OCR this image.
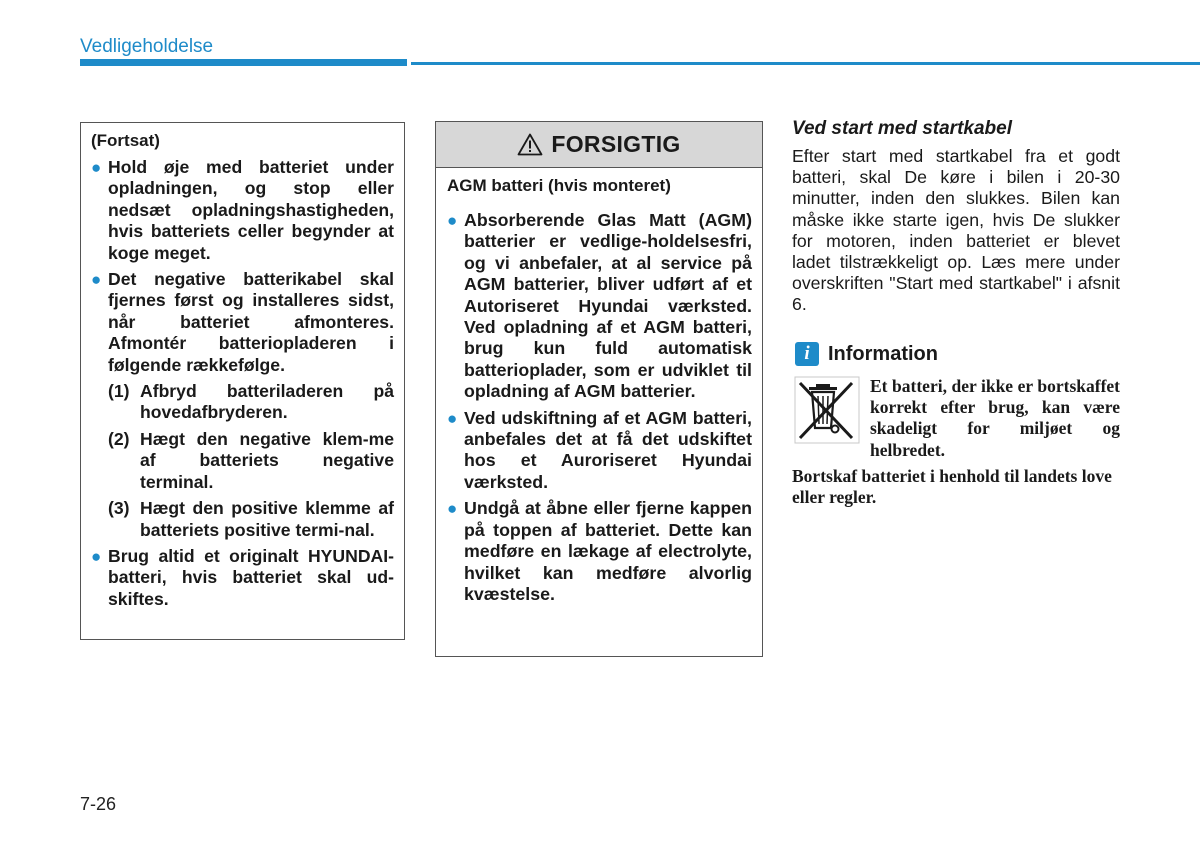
Vedligeholdelse
(Fortsat)
● Hold øje med batteriet under opladningen, og stop eller nedsæt opladningshastigheden, hvis batteriets celler begynder at koge meget.
● Det negative batterikabel skal fjernes først og installeres sidst, når batteriet afmonteres. Afmontér batteriopladeren i følgende rækkefølge.
(1) Afbryd batteriladeren på hovedafbryderen.
(2) Hægt den negative klem-me af batteriets negative terminal.
(3) Hægt den positive klemme af batteriets positive termi-nal.
● Brug altid et originalt HYUNDAI-batteri, hvis batteriet skal ud-skiftes.
FORSIGTIG
AGM batteri (hvis monteret)
● Absorberende Glas Matt (AGM) batterier er vedlige-holdelsesfri, og vi anbefaler, at al service på AGM batterier, bliver udført af et Autoriseret Hyundai værksted. Ved opladning af et AGM batteri, brug kun fuld automatisk batterioplader, som er udviklet til opladning af AGM batterier.
● Ved udskiftning af et AGM batteri, anbefales det at få det udskiftet hos et Auroriseret Hyundai værksted.
● Undgå at åbne eller fjerne kappen på toppen af batteriet. Dette kan medføre en lækage af electrolyte, hvilket kan medføre alvorlig kvæstelse.
Ved start med startkabel
Efter start med startkabel fra et godt batteri, skal De køre i bilen i 20-30 minutter, inden den slukkes. Bilen kan måske ikke starte igen, hvis De slukker for motoren, inden batteriet er blevet ladet tilstrækkeligt op. Læs mere under overskriften "Start med startkabel" i afsnit 6.
i Information
Et batteri, der ikke er bortskaffet korrekt efter brug, kan være skadeligt for miljøet og helbredet.
Bortskaf batteriet i henhold til landets love eller regler.
7-26
